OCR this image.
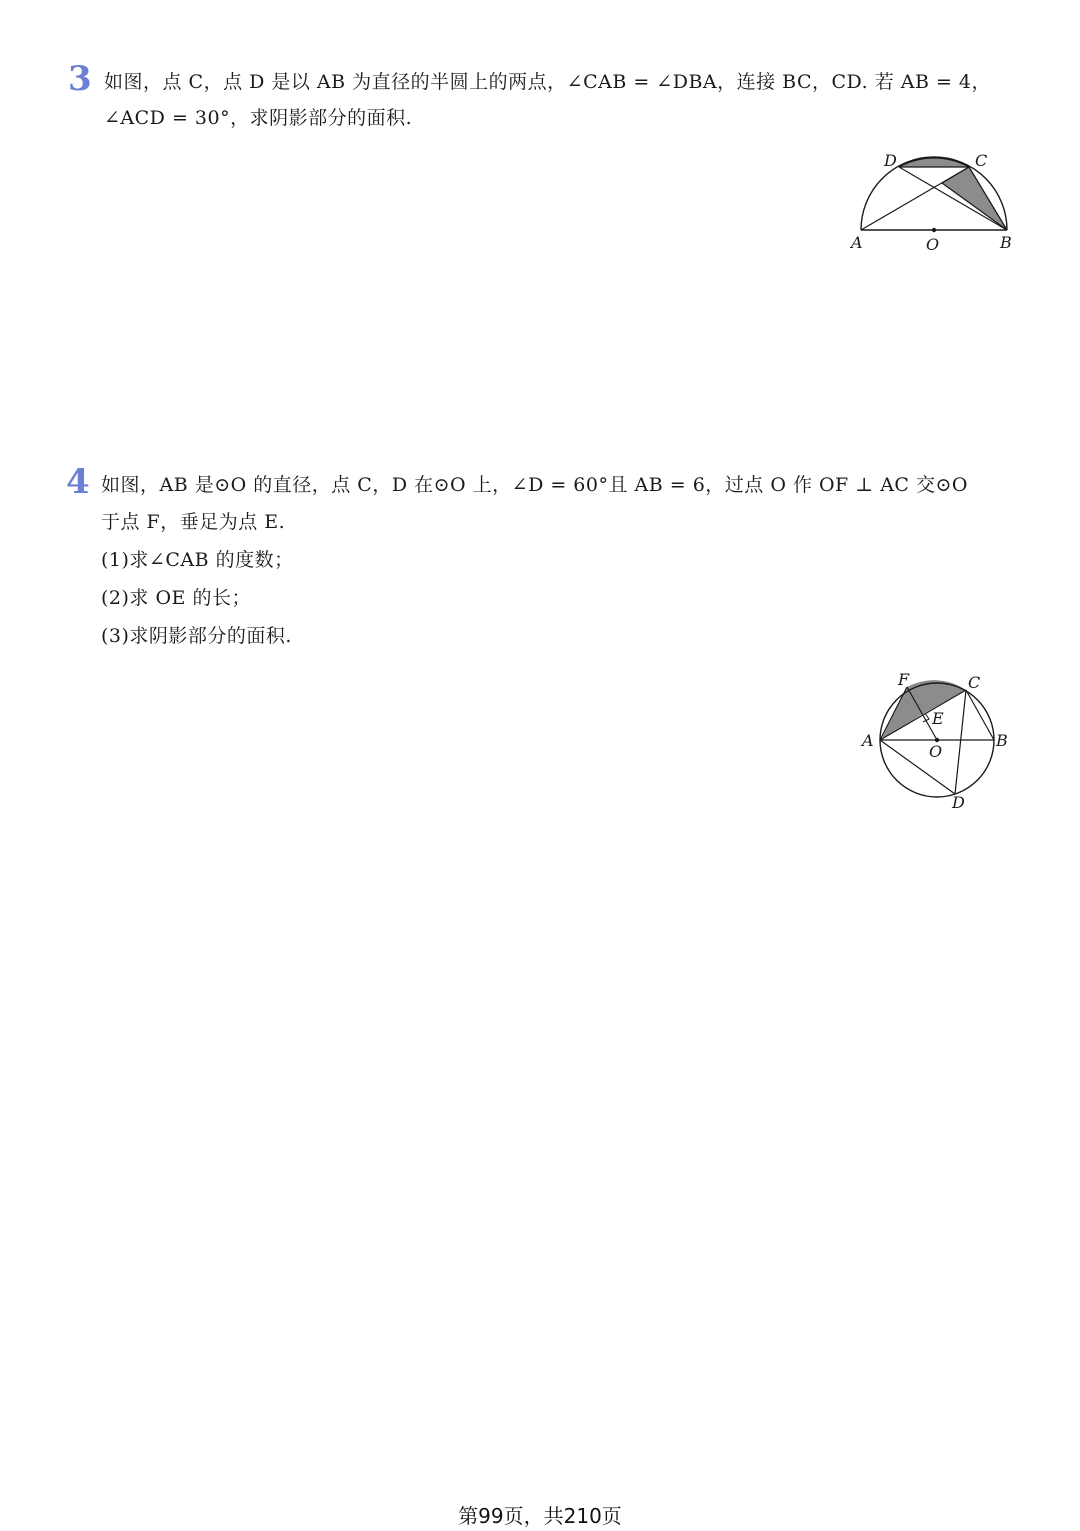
3 如图，点 C，点 D 是以 AB 为直径的半圆上的两点，∠CAB = ∠DBA，连接 BC，CD. 若 AB = 4，
∠ACD = 30°，求阴影部分的面积.
A	O	B
D	C
4 如图，AB 是⊙O 的直径，点 C，D 在⊙O 上，∠D = 60°且 AB = 6，过点 O 作 OF ⊥ AC 交⊙O
于点 F，垂足为点 E.
(1)求∠CAB 的度数；
(2)求 OE 的长；
(3)求阴影部分的面积.
F	C
E
A	B
O
D
第99页，共210页
